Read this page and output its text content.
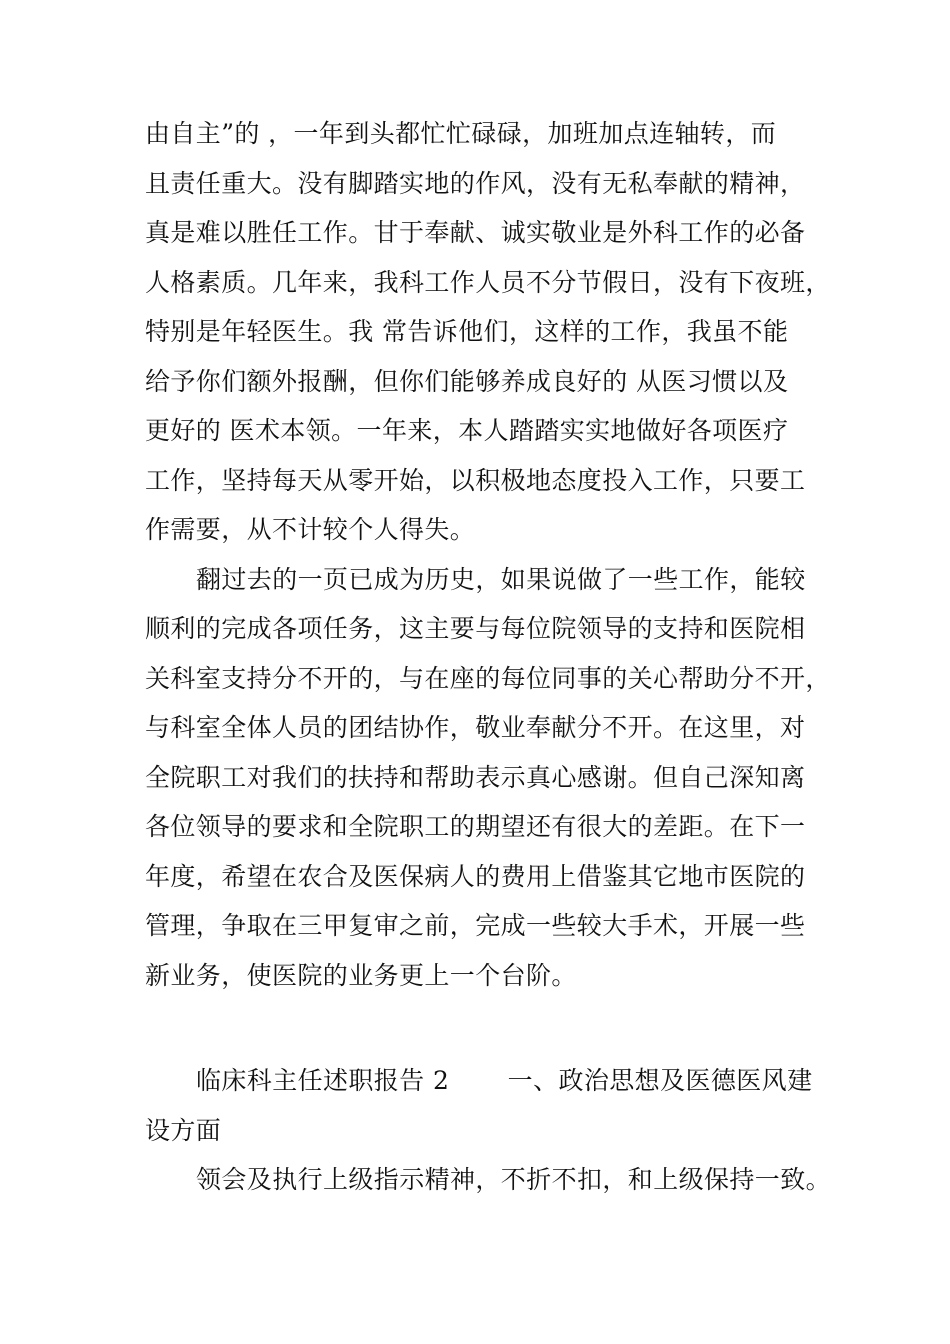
由自主”的 ，一年到头都忙忙碌碌，加班加点连轴转，而
且责任重大。没有脚踏实地的作风，没有无私奉献的精神，
真是难以胜任工作。甘于奉献、诚实敬业是外科工作的必备
人格素质。几年来，我科工作人员不分节假日，没有下夜班，
特别是年轻医生。我 常告诉他们，这样的工作，我虽不能
给予你们额外报酬，但你们能够养成良好的 从医习惯以及
更好的 医术本领。一年来，本人踏踏实实地做好各项医疗
工作，坚持每天从零开始，以积极地态度投入工作，只要工
作需要，从不计较个人得失。
翻过去的一页已成为历史，如果说做了一些工作，能较
顺利的完成各项任务，这主要与每位院领导的支持和医院相
关科室支持分不开的，与在座的每位同事的关心帮助分不开，
与科室全体人员的团结协作，敬业奉献分不开。在这里，对
全院职工对我们的扶持和帮助表示真心感谢。但自己深知离
各位领导的要求和全院职工的期望还有很大的差距。在下一
年度，希望在农合及医保病人的费用上借鉴其它地市医院的
管理，争取在三甲复审之前，完成一些较大手术，开展一些
新业务，使医院的业务更上一个台阶。
临床科主任述职报告 2       一、政治思想及医德医风建
设方面
领会及执行上级指示精神，不折不扣，和上级保持一致。
